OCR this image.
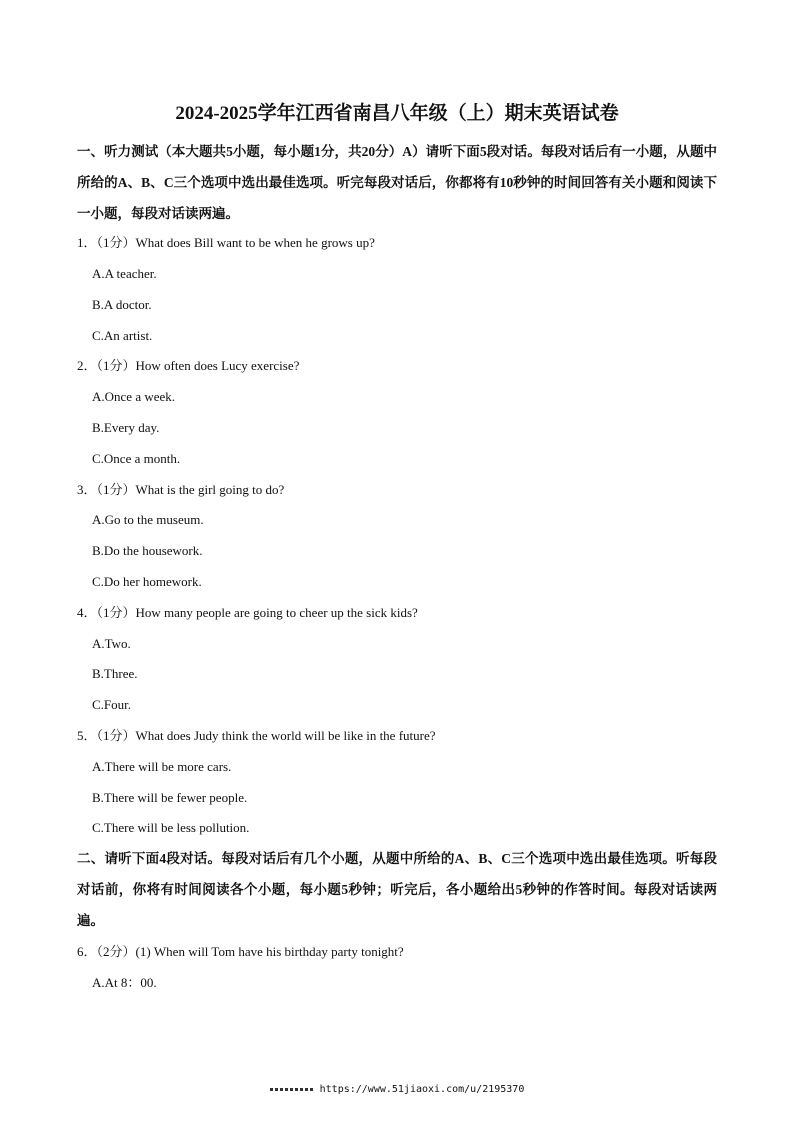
2024-2025学年江西省南昌八年级（上）期末英语试卷

一、听力测试（本大题共5小题，每小题1分，共20分）A）请听下面5段对话。每段对话后有一小题，从题中所给的A、B、C三个选项中选出最佳选项。听完每段对话后，你都将有10秒钟的时间回答有关小题和阅读下一小题，每段对话读两遍。

1．（1分）What does Bill want to be when he grows up?
A.A teacher.
B.A doctor.
C.An artist.
2．（1分）How often does Lucy exercise?
A.Once a week.
B.Every day.
C.Once a month.
3．（1分）What is the girl going to do?
A.Go to the museum.
B.Do the housework.
C.Do her homework.
4．（1分）How many people are going to cheer up the sick kids?
A.Two.
B.Three.
C.Four.
5．（1分）What does Judy think the world will be like in the future?
A.There will be more cars.
B.There will be fewer people.
C.There will be less pollution.

二、请听下面4段对话。每段对话后有几个小题，从题中所给的A、B、C三个选项中选出最佳选项。听每段对话前，你将有时间阅读各个小题，每小题5秒钟；听完后，各小题给出5秒钟的作答时间。每段对话读两遍。

6．（2分）(1) When will Tom have his birthday party tonight?
A.At 8：00.
https://www.51jiaoxi.com/u/2195370
